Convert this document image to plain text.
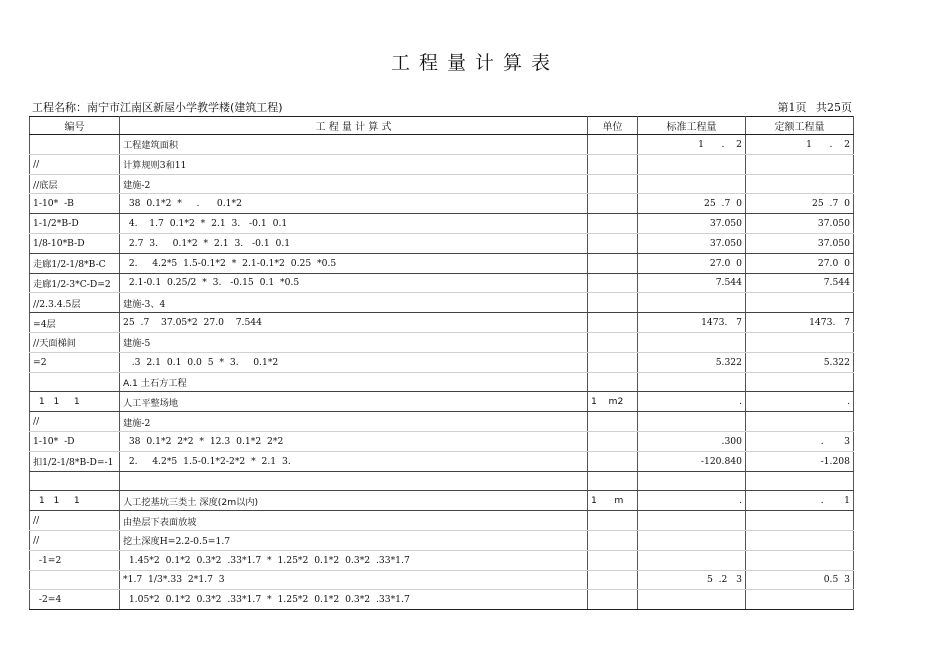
工程量计算表
工程名称：南宁市江南区新屋小学教学楼(建筑工程)	第1页 共25页
编号	工 程 量 计 算 式	单位	标准工程量	定额工程量
	工程建筑面积		1      .    2	1      .    2
//	计算规则3和11			
//底层	建施-2			
1-10*  -B	38  0.1*2  *     .      0.1*2		25  .7  0	25  .7  0
1-1/2*B-D	4.    1.7  0.1*2  *  2.1  3.   -0.1  0.1		37.050	37.050
1/8-10*B-D	2.7  3.     0.1*2  *  2.1  3.   -0.1  0.1		37.050	37.050
走廊1/2-1/8*B-C	2.     4.2*5  1.5-0.1*2  *  2.1-0.1*2  0.25  *0.5		27.0  0	27.0  0
走廊1/2-3*C-D=2	2.1-0.1  0.25/2  *  3.   -0.15  0.1  *0.5		7.544	7.544
//2.3.4.5层	建施-3、4			
=4层	25  .7    37.05*2  27.0    7.544		1473.   7	1473.   7
//天面梯间	建施-5			
=2	.3  2.1  0.1  0.0  5  *  3.     0.1*2		5.322	5.322
	A.1 土石方工程			
1   1     1	人工平整场地	1    m2	.	.
//	建施-2			
1-10*  -D	38  0.1*2  2*2  *  12.3  0.1*2  2*2		.300	.       3
扣1/2-1/8*B-D=-1	2.     4.2*5  1.5-0.1*2-2*2  *  2.1  3.		-120.840	-1.208

1   1     1	人工挖基坑三类土 深度(2m以内)	1      m	.	.       1
//	由垫层下表面放坡			
//	挖土深度H=2.2-0.5=1.7			
-1=2	1.45*2  0.1*2  0.3*2  .33*1.7  *  1.25*2  0.1*2  0.3*2  .33*1.7			
	*1.7  1/3*.33  2*1.7  3		5  .2   3	0.5  3
-2=4	1.05*2  0.1*2  0.3*2  .33*1.7  *  1.25*2  0.1*2  0.3*2  .33*1.7			
